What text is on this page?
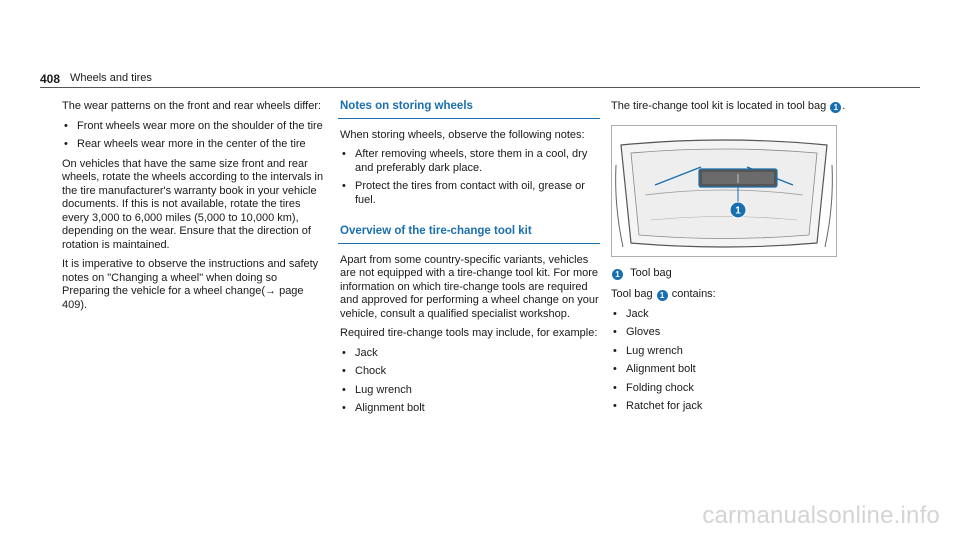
408 Wheels and tires

The wear patterns on the front and rear wheels differ:

• Front wheels wear more on the shoulder of the tire
• Rear wheels wear more in the center of the tire

On vehicles that have the same size front and rear wheels, rotate the wheels according to the intervals in the tire manufacturer's warranty book in your vehicle documents. If this is not available, rotate the tires every 3,000 to 6,000 miles (5,000 to 10,000 km), depending on the wear. Ensure that the direction of rotation is maintained.

It is imperative to observe the instructions and safety notes on "Changing a wheel" when doing so Preparing the vehicle for a wheel change(→ page 409).

Notes on storing wheels

When storing wheels, observe the following notes:

• After removing wheels, store them in a cool, dry and preferably dark place.
• Protect the tires from contact with oil, grease or fuel.
Overview of the tire-change tool kit

Apart from some country-specific variants, vehicles are not equipped with a tire-change tool kit. For more information on which tire-change tools are required and approved for performing a wheel change on your vehicle, consult a qualified specialist workshop.

Required tire-change tools may include, for example:

• Jack
• Chock
• Lug wrench
• Alignment bolt

The tire-change tool kit is located in tool bag 1 .

1
1 Tool bag

Tool bag 1 contains:

• Jack
• Gloves
• Lug wrench
• Alignment bolt
• Folding chock
• Ratchet for jack
carmanualsonline.info
